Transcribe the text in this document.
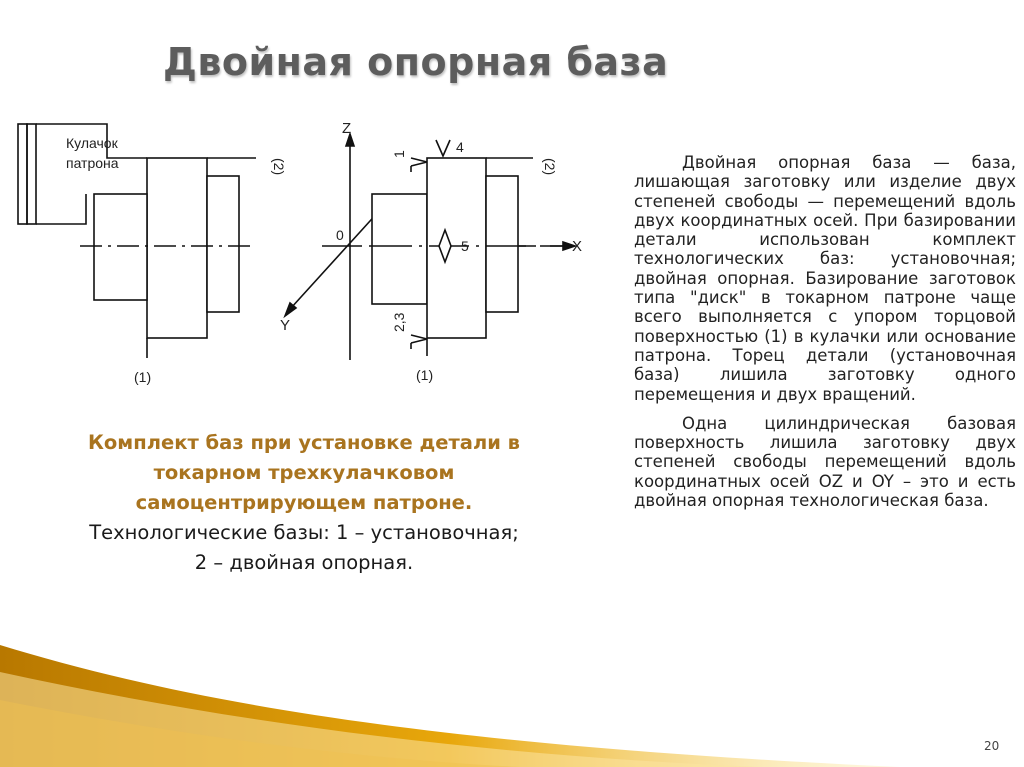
Двойная опорная база
Кулачок
патрона	(2)
(1)
Z
X
Y
0
4
5
1
2,3
(2)
(1)
Комплект баз при установке детали в
токарном трехкулачковом
самоцентрирующем патроне.
Технологические базы: 1 – установочная;
2 – двойная опорная.

Двойная опорная база — база, лишающая заготовку или изделие двух степеней свободы — перемещений вдоль двух координатных осей. При базировании детали использован комплект технологических баз: установочная; двойная опорная. Базирование заготовок типа "диск" в токарном патроне чаще всего выполняется с упором торцовой поверхностью (1) в кулачки или основание патрона. Торец детали (установочная база) лишила заготовку одного перемещения и двух вращений.

Одна цилиндрическая базовая поверхность лишила заготовку двух степеней свободы перемещений вдоль координатных осей OZ и OY – это и есть двойная опорная технологическая база.

20
